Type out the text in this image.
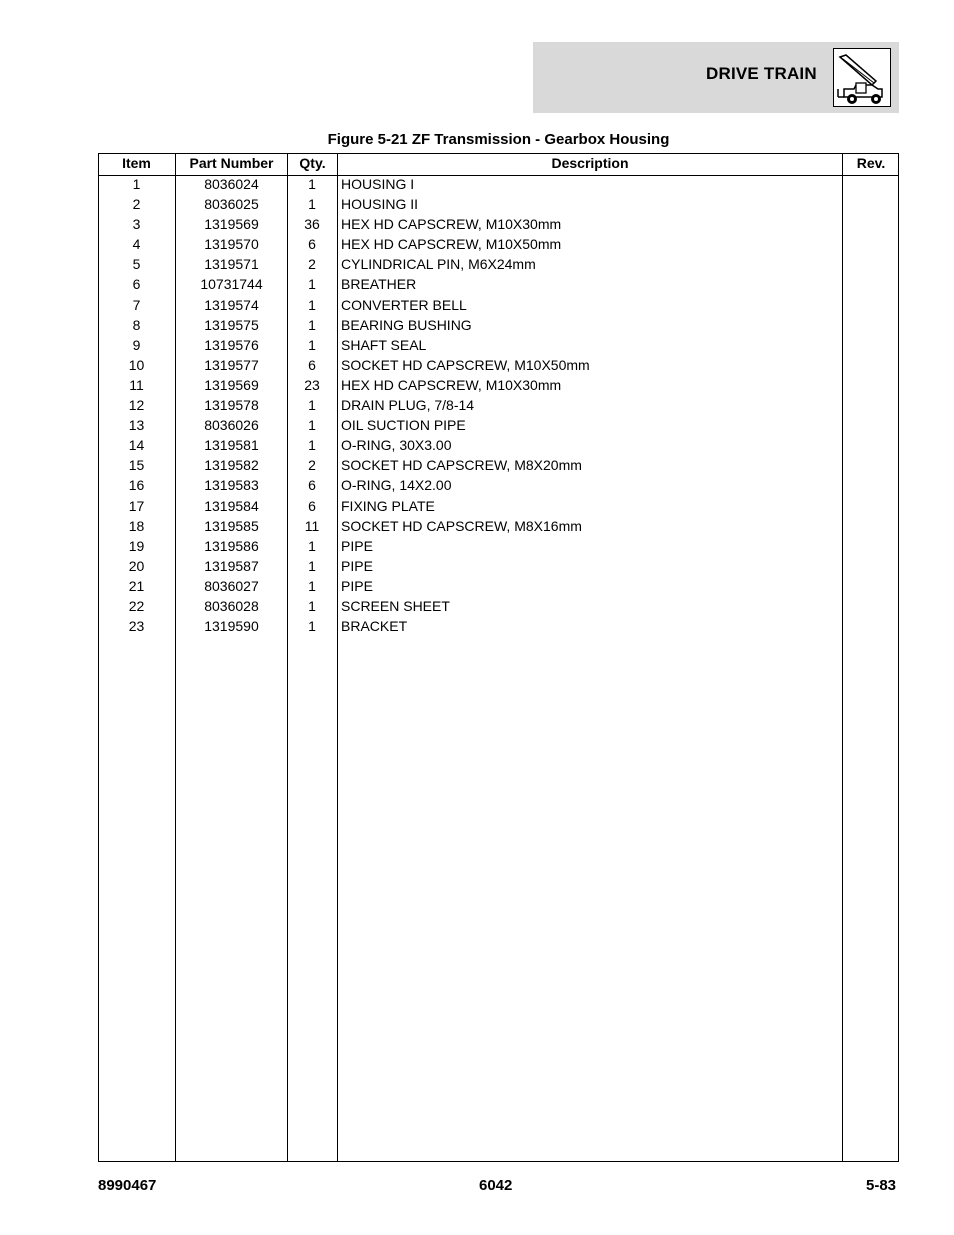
DRIVE TRAIN
Figure 5-21 ZF Transmission - Gearbox Housing
Item	Part Number	Qty.	Description	Rev.
1	8036024	1	HOUSING I
2	8036025	1	HOUSING II
3	1319569	36	HEX HD CAPSCREW, M10X30mm
4	1319570	6	HEX HD CAPSCREW, M10X50mm
5	1319571	2	CYLINDRICAL PIN, M6X24mm
6	10731744	1	BREATHER
7	1319574	1	CONVERTER BELL
8	1319575	1	BEARING BUSHING
9	1319576	1	SHAFT SEAL
10	1319577	6	SOCKET HD CAPSCREW, M10X50mm
11	1319569	23	HEX HD CAPSCREW, M10X30mm
12	1319578	1	DRAIN PLUG, 7/8-14
13	8036026	1	OIL SUCTION PIPE
14	1319581	1	O-RING, 30X3.00
15	1319582	2	SOCKET HD CAPSCREW, M8X20mm
16	1319583	6	O-RING, 14X2.00
17	1319584	6	FIXING PLATE
18	1319585	11	SOCKET HD CAPSCREW, M8X16mm
19	1319586	1	PIPE
20	1319587	1	PIPE
21	8036027	1	PIPE
22	8036028	1	SCREEN SHEET
23	1319590	1	BRACKET
8990467	6042	5-83
